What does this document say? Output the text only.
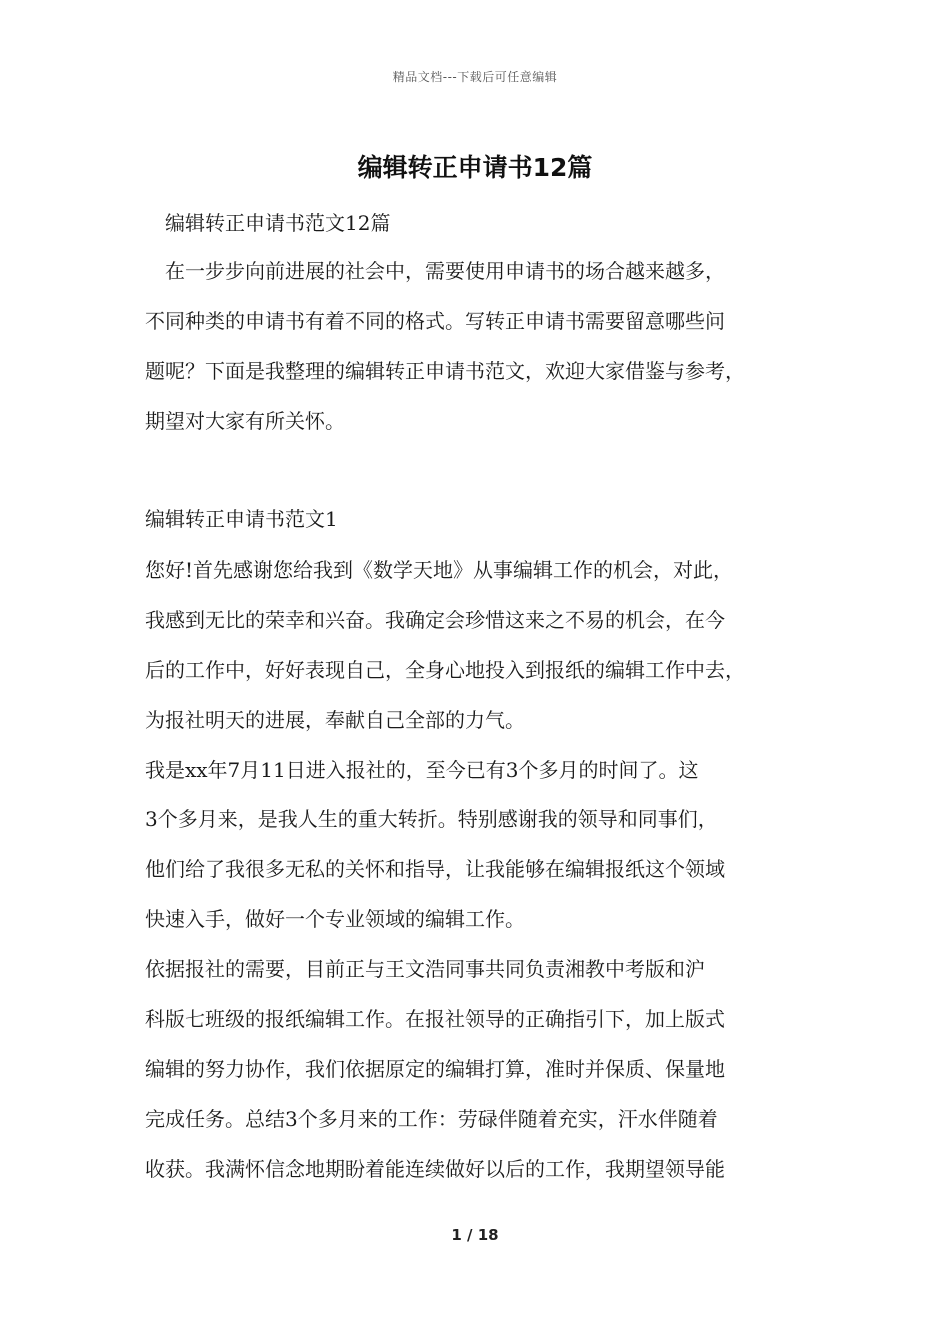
精品文档---下载后可任意编辑
编辑转正申请书12篇
编辑转正申请书范文12篇
　在一步步向前进展的社会中，需要使用申请书的场合越来越多，
不同种类的申请书有着不同的格式。写转正申请书需要留意哪些问
题呢？下面是我整理的编辑转正申请书范文，欢迎大家借鉴与参考，
期望对大家有所关怀。
编辑转正申请书范文1
您好!首先感谢您给我到《数学天地》从事编辑工作的机会，对此，
我感到无比的荣幸和兴奋。我确定会珍惜这来之不易的机会，在今
后的工作中，好好表现自己，全身心地投入到报纸的编辑工作中去，
为报社明天的进展，奉献自己全部的力气。
我是xx年7月11日进入报社的，至今已有3个多月的时间了。这
3个多月来，是我人生的重大转折。特别感谢我的领导和同事们，
他们给了我很多无私的关怀和指导，让我能够在编辑报纸这个领域
快速入手，做好一个专业领域的编辑工作。
依据报社的需要，目前正与王文浩同事共同负责湘教中考版和沪
科版七班级的报纸编辑工作。在报社领导的正确指引下，加上版式
编辑的努力协作，我们依据原定的编辑打算，准时并保质、保量地
完成任务。总结3个多月来的工作：劳碌伴随着充实，汗水伴随着
收获。我满怀信念地期盼着能连续做好以后的工作，我期望领导能
1 / 18
